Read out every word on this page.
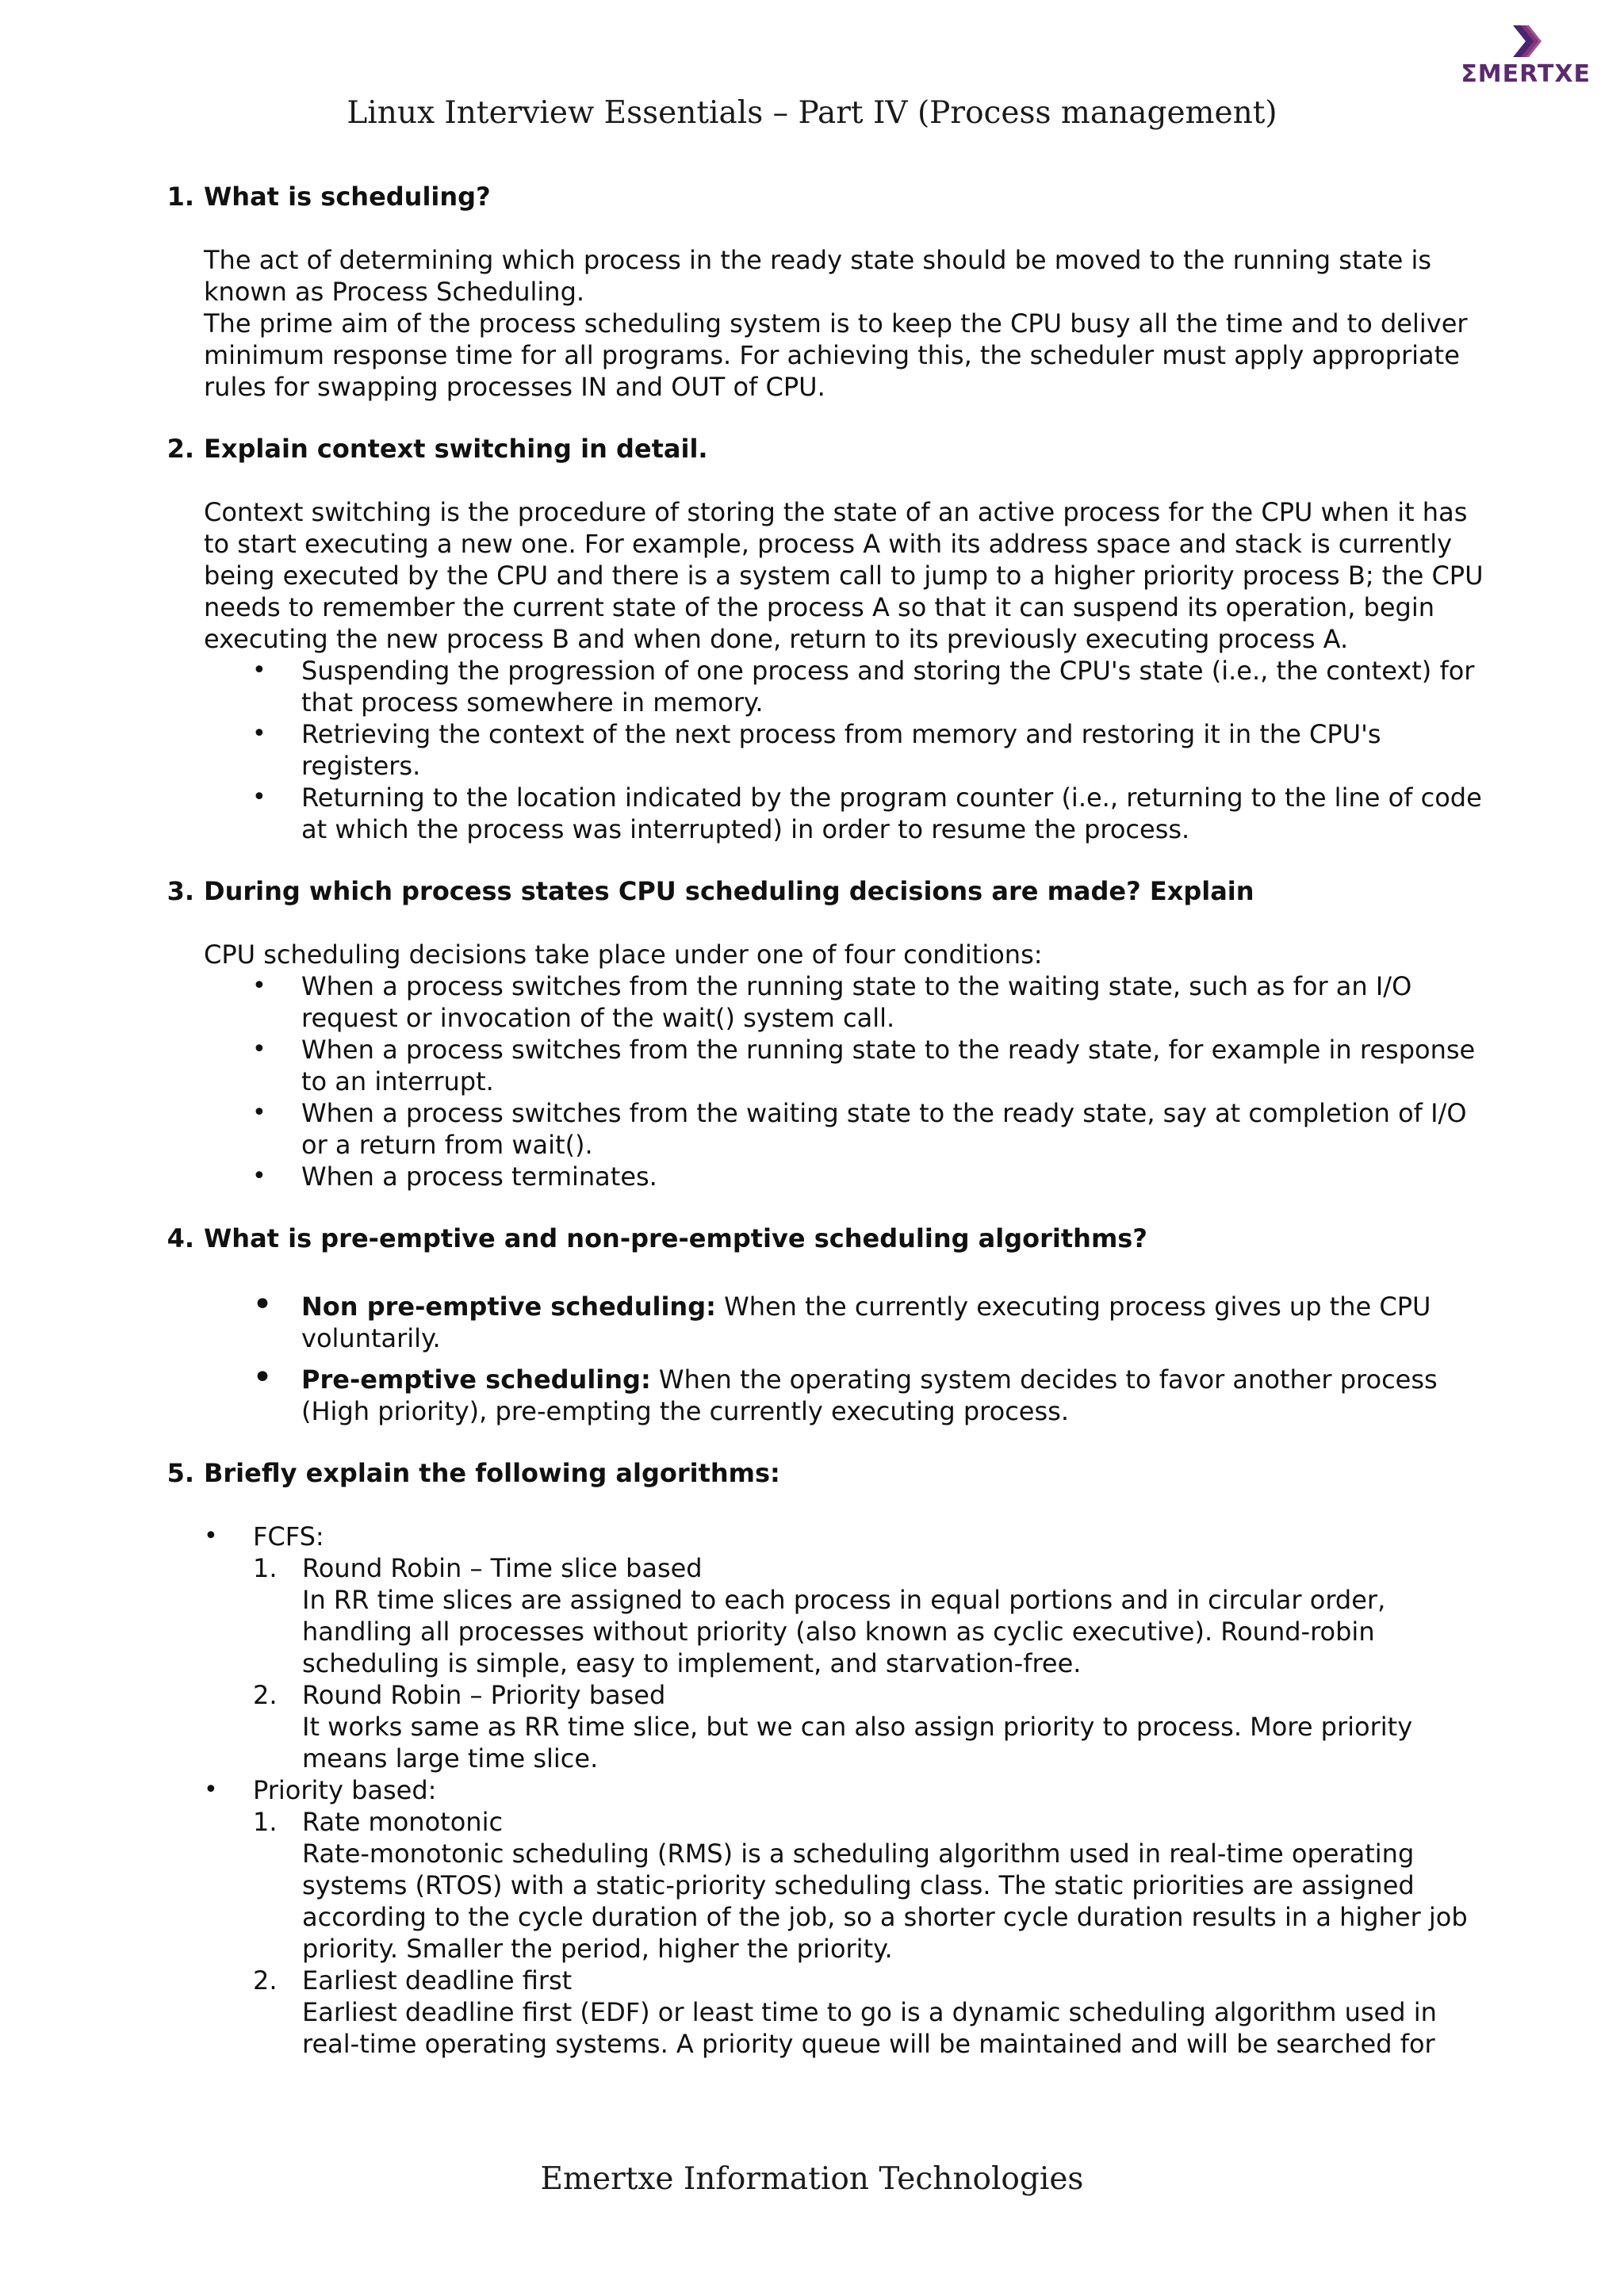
ΣMERTXE
Linux Interview Essentials – Part IV (Process management)
1. What is scheduling?

The act of determining which process in the ready state should be moved to the running state is known as Process Scheduling.

The prime aim of the process scheduling system is to keep the CPU busy all the time and to deliver minimum response time for all programs. For achieving this, the scheduler must apply appropriate rules for swapping processes IN and OUT of CPU.

2. Explain context switching in detail.

Context switching is the procedure of storing the state of an active process for the CPU when it has to start executing a new one. For example, process A with its address space and stack is currently being executed by the CPU and there is a system call to jump to a higher priority process B; the CPU needs to remember the current state of the process A so that it can suspend its operation, begin executing the new process B and when done, return to its previously executing process A.

• Suspending the progression of one process and storing the CPU's state (i.e., the context) for that process somewhere in memory.
• Retrieving the context of the next process from memory and restoring it in the CPU's registers.
• Returning to the location indicated by the program counter (i.e., returning to the line of code at which the process was interrupted) in order to resume the process.
3. During which process states CPU scheduling decisions are made? Explain

CPU scheduling decisions take place under one of four conditions:

• When a process switches from the running state to the waiting state, such as for an I/O request or invocation of the wait() system call.
• When a process switches from the running state to the ready state, for example in response to an interrupt.
• When a process switches from the waiting state to the ready state, say at completion of I/O or a return from wait().
• When a process terminates.
4. What is pre-emptive and non-pre-emptive scheduling algorithms?
• Non pre-emptive scheduling: When the currently executing process gives up the CPU voluntarily.
• Pre-emptive scheduling: When the operating system decides to favor another process (High priority), pre-empting the currently executing process.
5. Briefly explain the following algorithms:
• FCFS:
1. Round Robin – Time slice based
In RR time slices are assigned to each process in equal portions and in circular order, handling all processes without priority (also known as cyclic executive). Round-robin scheduling is simple, easy to implement, and starvation-free.
2. Round Robin – Priority based
It works same as RR time slice, but we can also assign priority to process. More priority means large time slice.
• Priority based:
1. Rate monotonic
Rate-monotonic scheduling (RMS) is a scheduling algorithm used in real-time operating systems (RTOS) with a static-priority scheduling class. The static priorities are assigned according to the cycle duration of the job, so a shorter cycle duration results in a higher job priority. Smaller the period, higher the priority.
2. Earliest deadline first
Earliest deadline first (EDF) or least time to go is a dynamic scheduling algorithm used in real-time operating systems. A priority queue will be maintained and will be searched for
Emertxe Information Technologies
